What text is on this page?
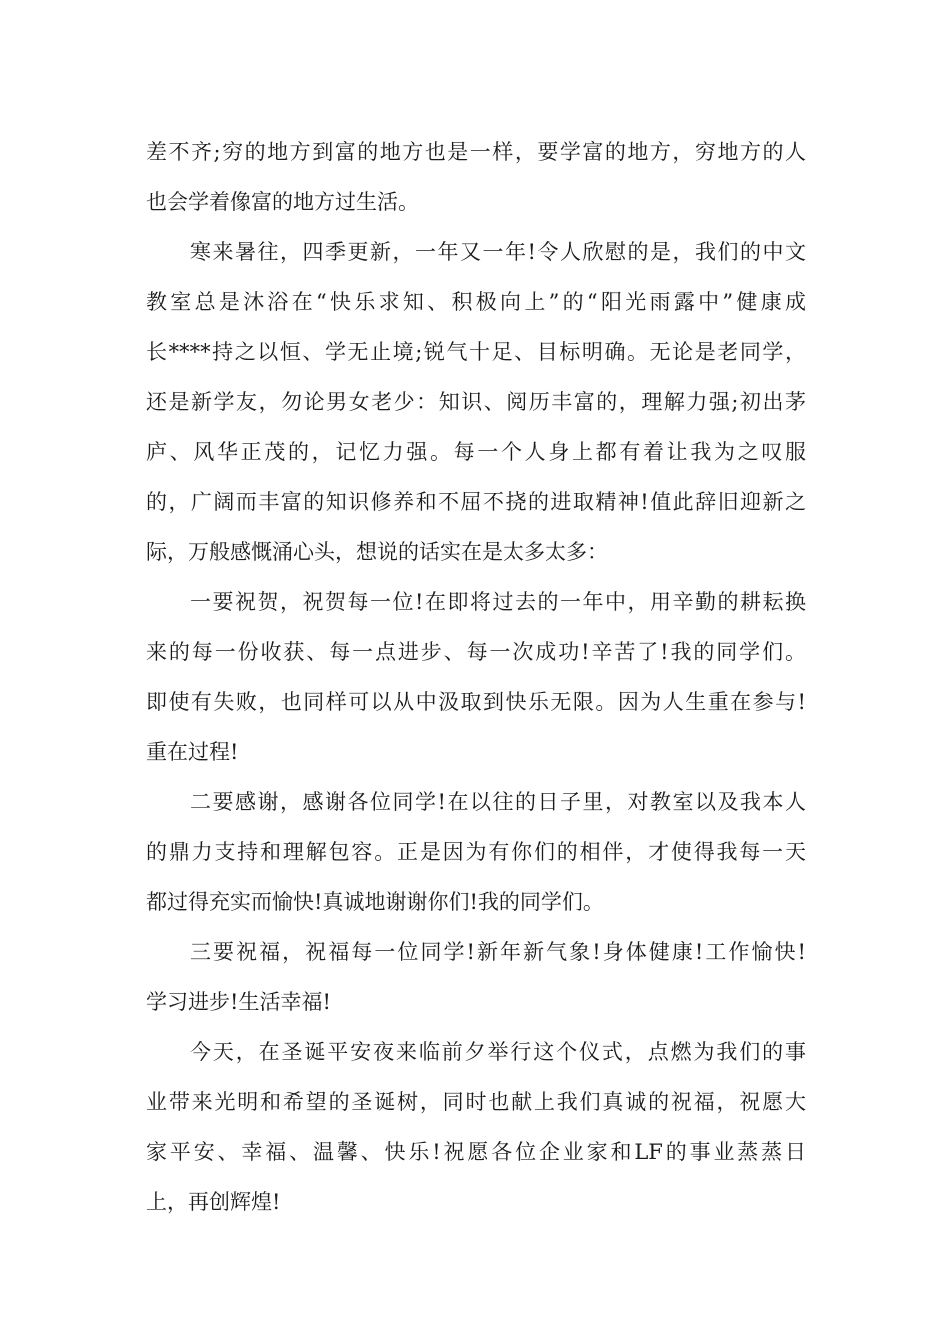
差不齐;穷的地方到富的地方也是一样，要学富的地方，穷地方的人
也会学着像富的地方过生活。
寒来暑往，四季更新，一年又一年!令人欣慰的是，我们的中文
教室总是沐浴在“快乐求知、积极向上”的“阳光雨露中”健康成
长****持之以恒、学无止境;锐气十足、目标明确。无论是老同学，
还是新学友，勿论男女老少：知识、阅历丰富的，理解力强;初出茅
庐、风华正茂的，记忆力强。每一个人身上都有着让我为之叹服
的，广阔而丰富的知识修养和不屈不挠的进取精神!值此辞旧迎新之
际，万般感慨涌心头，想说的话实在是太多太多：
一要祝贺，祝贺每一位!在即将过去的一年中，用辛勤的耕耘换
来的每一份收获、每一点进步、每一次成功!辛苦了!我的同学们。
即使有失败，也同样可以从中汲取到快乐无限。因为人生重在参与!
重在过程!
二要感谢，感谢各位同学!在以往的日子里，对教室以及我本人
的鼎力支持和理解包容。正是因为有你们的相伴，才使得我每一天
都过得充实而愉快!真诚地谢谢你们!我的同学们。
三要祝福，祝福每一位同学!新年新气象!身体健康!工作愉快!
学习进步!生活幸福!
今天，在圣诞平安夜来临前夕举行这个仪式，点燃为我们的事
业带来光明和希望的圣诞树，同时也献上我们真诚的祝福，祝愿大
家平安、幸福、温馨、快乐!祝愿各位企业家和LF的事业蒸蒸日
上，再创辉煌!
